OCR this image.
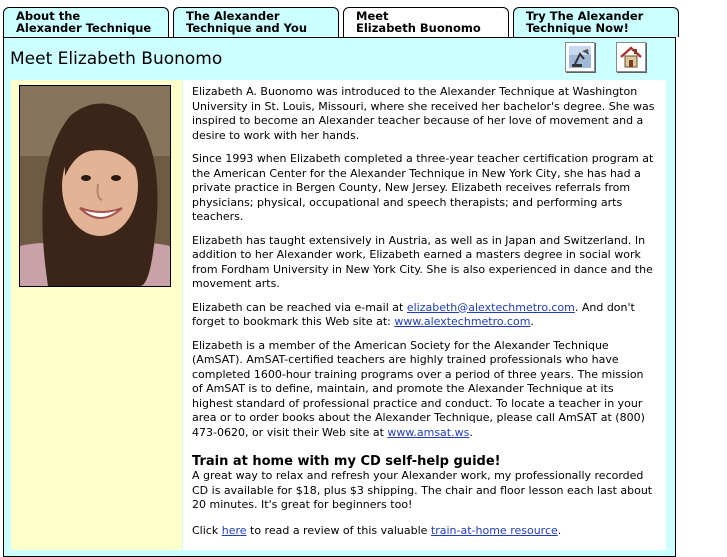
About the
Alexander Technique
The Alexander
Technique and You
Meet
Elizabeth Buonomo
Try The Alexander
Technique Now!
Meet Elizabeth Buonomo

Elizabeth A. Buonomo was introduced to the Alexander Technique at Washington University in St. Louis, Missouri, where she received her bachelor's degree. She was inspired to become an Alexander teacher because of her love of movement and a desire to work with her hands.

Since 1993 when Elizabeth completed a three-year teacher certification program at the American Center for the Alexander Technique in New York City, she has had a private practice in Bergen County, New Jersey. Elizabeth receives referrals from physicians; physical, occupational and speech therapists; and performing arts teachers.

Elizabeth has taught extensively in Austria, as well as in Japan and Switzerland. In addition to her Alexander work, Elizabeth earned a masters degree in social work from Fordham University in New York City. She is also experienced in dance and the movement arts.

Elizabeth can be reached via e-mail at elizabeth@alextechmetro.com. And don't forget to bookmark this Web site at: www.alextechmetro.com.

Elizabeth is a member of the American Society for the Alexander Technique (AmSAT). AmSAT-certified teachers are highly trained professionals who have completed 1600-hour training programs over a period of three years. The mission of AmSAT is to define, maintain, and promote the Alexander Technique at its highest standard of professional practice and conduct. To locate a teacher in your area or to order books about the Alexander Technique, please call AmSAT at (800) 473-0620, or visit their Web site at www.amsat.ws.

Train at home with my CD self-help guide!

A great way to relax and refresh your Alexander work, my professionally recorded CD is available for $18, plus $3 shipping. The chair and floor lesson each last about 20 minutes. It's great for beginners too!

Click here to read a review of this valuable train-at-home resource.
